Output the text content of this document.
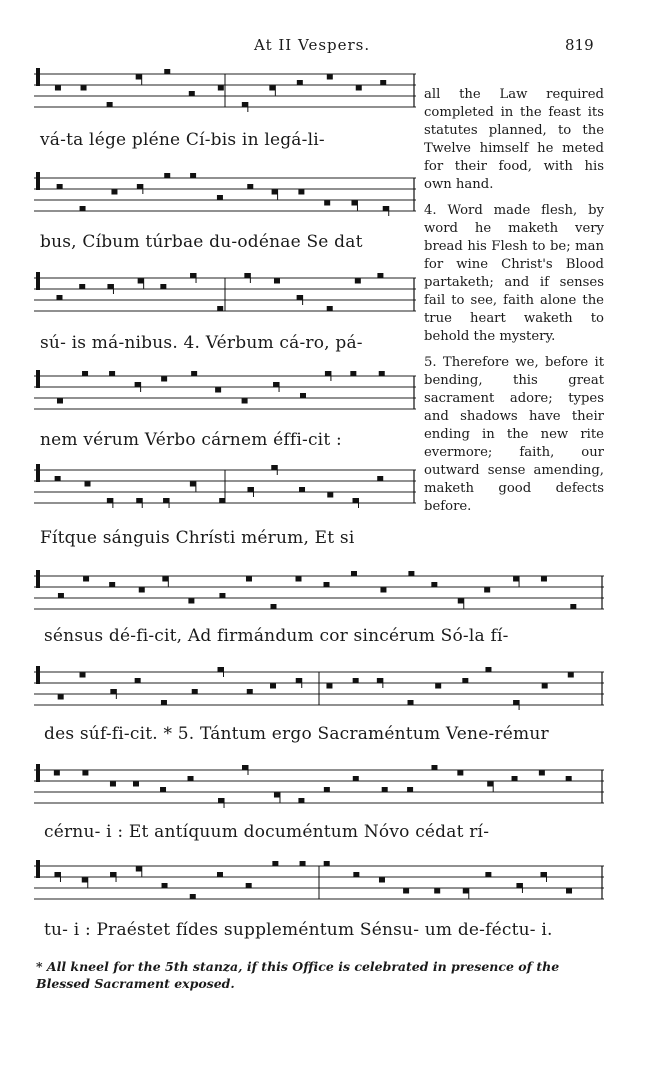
At II Vespers.	819
vá-ta lége pléne Cí-bis in legá-li-
bus, Cíbum túrbae du-odénae Se dat
sú- is má-nibus. 4. Vérbum cá-ro, pá-
nem vérum Vérbo cárnem éffi-cit :
Fítque sánguis Chrísti mérum, Et si
sénsus dé-fi-cit, Ad firmándum cor sincérum Só-la fí-
des súf-fi-cit. * 5. Tántum ergo Sacraméntum Vene-rémur
cérnu- i : Et antíquum documéntum Nóvo cédat rí-
tu- i : Praéstet fídes suppleméntum Sénsu- um de-féctu- i.

all the Law required completed in the feast its statutes planned, to the Twelve himself he meted for their food, with his own hand.

4. Word made flesh, by word he maketh very bread his Flesh to be; man for wine Christ's Blood partaketh; and if senses fail to see, faith alone the true heart waketh to behold the mystery.

5. Therefore we, before it bending, this great sacrament adore; types and shadows have their ending in the new rite evermore; faith, our outward sense amending, maketh good defects before.

* All kneel for the 5th stanza, if this Office is celebrated in presence of the Blessed Sacrament exposed.
